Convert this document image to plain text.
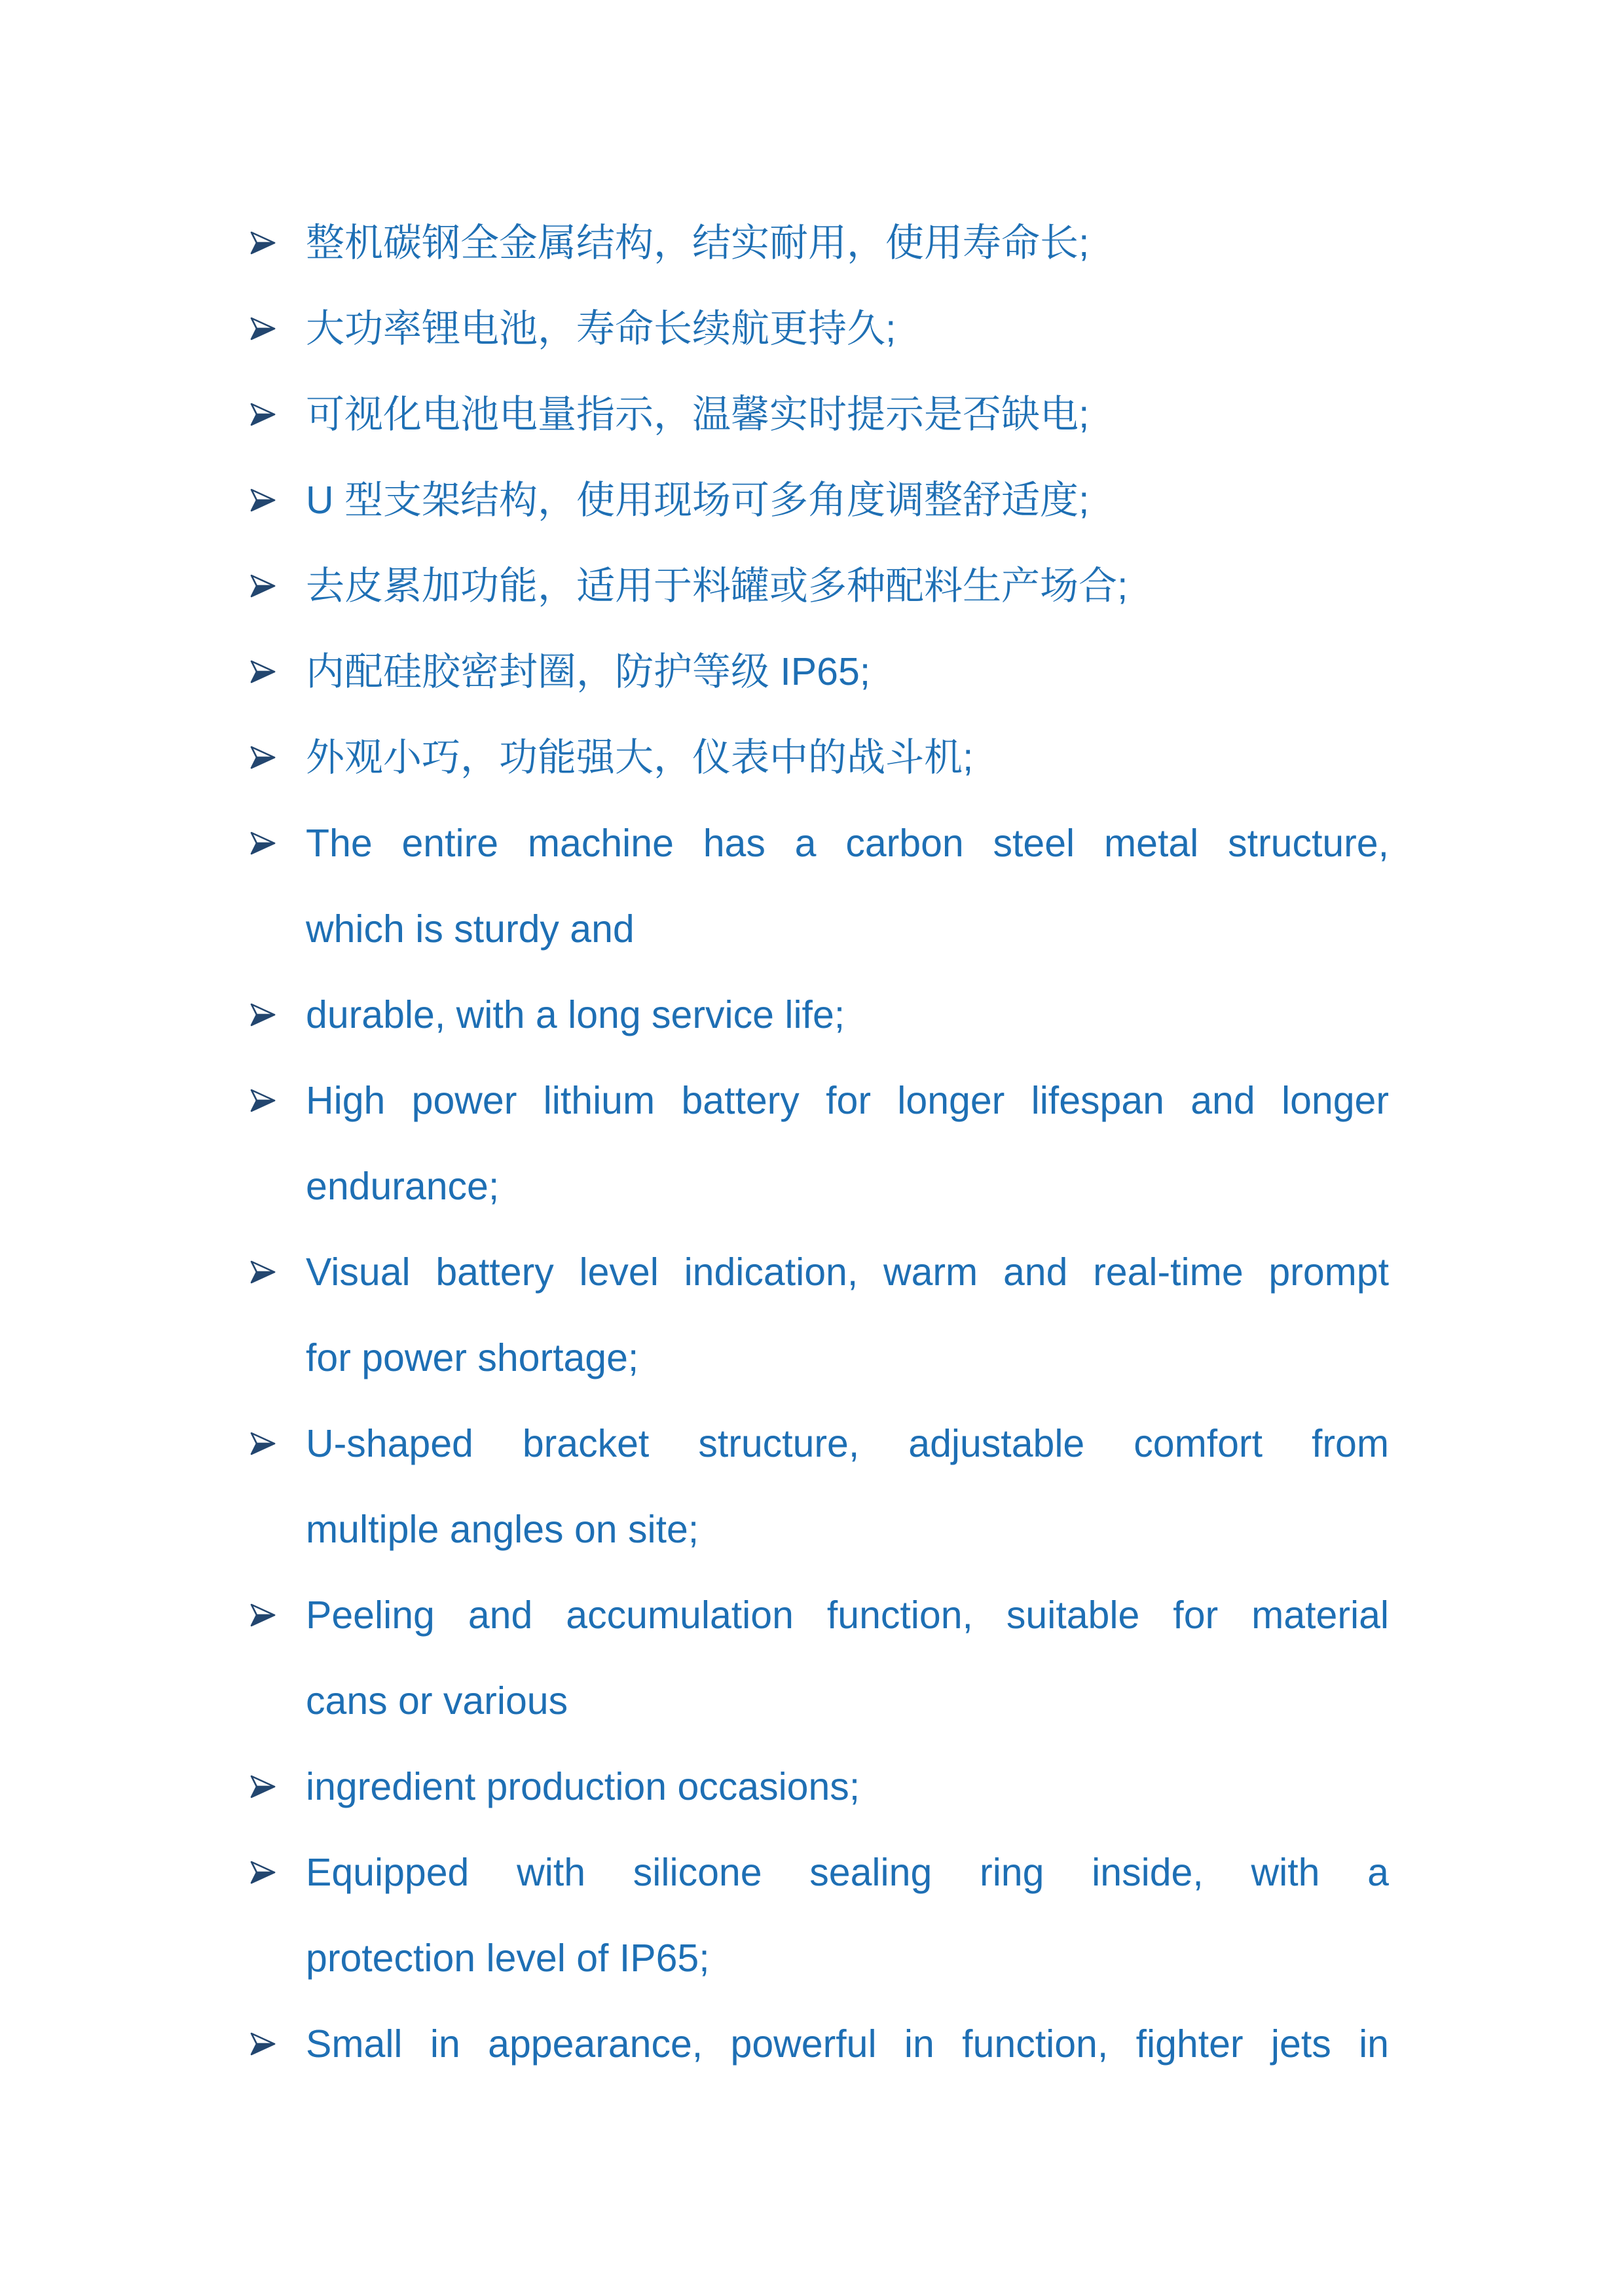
整机碳钢全金属结构，结实耐用，使用寿命长;
大功率锂电池，寿命长续航更持久;
可视化电池电量指示，温馨实时提示是否缺电;
U 型支架结构，使用现场可多角度调整舒适度;
去皮累加功能，适用于料罐或多种配料生产场合;
内配硅胶密封圈，防护等级 IP65;
外观小巧，功能强大，仪表中的战斗机;
The entire machine has a carbon steel metal structure,
which is sturdy and
durable, with a long service life;
High power lithium battery for longer lifespan and longer
endurance;
Visual battery level indication, warm and real-time prompt
for power shortage;
U-shaped bracket structure, adjustable comfort from
multiple angles on site;
Peeling and accumulation function, suitable for material
cans or various
ingredient production occasions;
Equipped with silicone sealing ring inside, with a
protection level of IP65;
Small in appearance, powerful in function, fighter jets in
